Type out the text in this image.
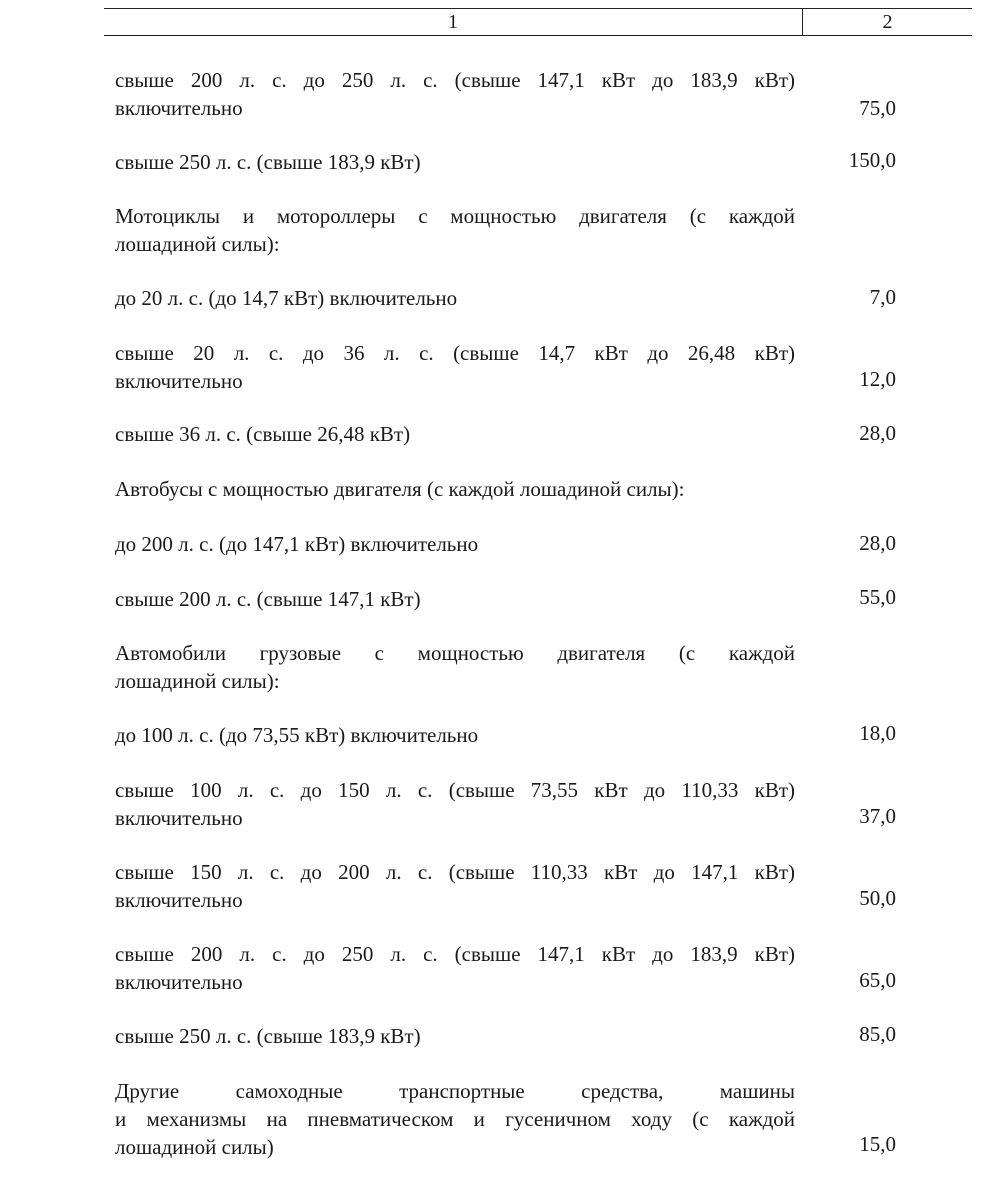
1	2
свыше 200 л. с. до 250 л. с. (свыше 147,1 кВт до 183,9 кВт)
включительно	75,0
свыше 250 л. с. (свыше 183,9 кВт)	150,0
Мотоциклы и мотороллеры с мощностью двигателя (с каждой
лошадиной силы):
до 20 л. с. (до 14,7 кВт) включительно	7,0
свыше 20 л. с. до 36 л. с. (свыше 14,7 кВт до 26,48 кВт)
включительно	12,0
свыше 36 л. с. (свыше 26,48 кВт)	28,0
Автобусы с мощностью двигателя (с каждой лошадиной силы):
до 200 л. с. (до 147,1 кВт) включительно	28,0
свыше 200 л. с. (свыше 147,1 кВт)	55,0
Автомобили грузовые с мощностью двигателя (с каждой
лошадиной силы):
до 100 л. с. (до 73,55 кВт) включительно	18,0
свыше 100 л. с. до 150 л. с. (свыше 73,55 кВт до 110,33 кВт)
включительно	37,0
свыше 150 л. с. до 200 л. с. (свыше 110,33 кВт до 147,1 кВт)
включительно	50,0
свыше 200 л. с. до 250 л. с. (свыше 147,1 кВт до 183,9 кВт)
включительно	65,0
свыше 250 л. с. (свыше 183,9 кВт)	85,0
Другие самоходные транспортные средства, машины
и механизмы на пневматическом и гусеничном ходу (с каждой
лошадиной силы)	15,0
